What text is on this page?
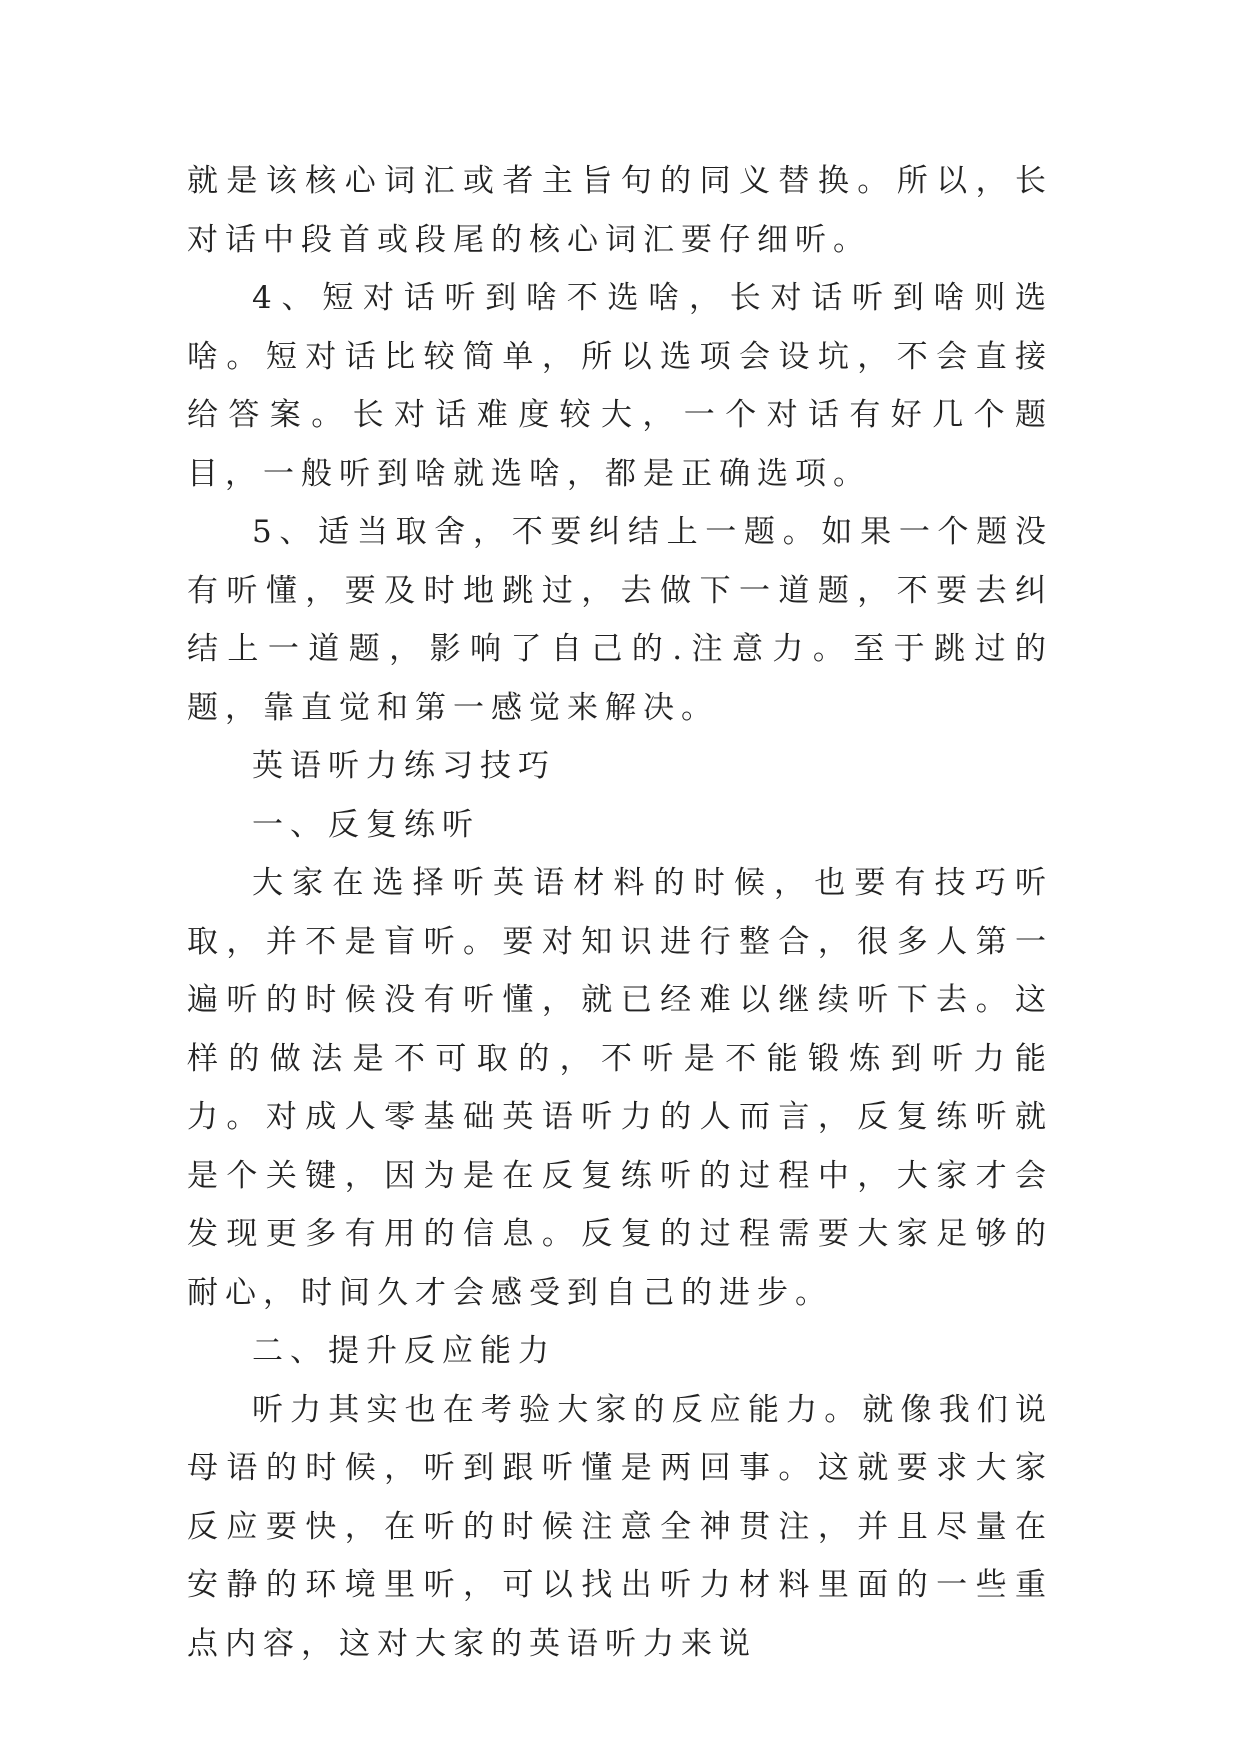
就是该核心词汇或者主旨句的同义替换。所以，长对话中段首或段尾的核心词汇要仔细听。

4、短对话听到啥不选啥，长对话听到啥则选啥。短对话比较简单，所以选项会设坑，不会直接给答案。长对话难度较大，一个对话有好几个题目，一般听到啥就选啥，都是正确选项。

5、适当取舍，不要纠结上一题。如果一个题没有听懂，要及时地跳过，去做下一道题，不要去纠结上一道题，影响了自己的.注意力。至于跳过的题，靠直觉和第一感觉来解决。

英语听力练习技巧

一、反复练听

大家在选择听英语材料的时候，也要有技巧听取，并不是盲听。要对知识进行整合，很多人第一遍听的时候没有听懂，就已经难以继续听下去。这样的做法是不可取的，不听是不能锻炼到听力能力。对成人零基础英语听力的人而言，反复练听就是个关键，因为是在反复练听的过程中，大家才会发现更多有用的信息。反复的过程需要大家足够的耐心，时间久才会感受到自己的进步。

二、提升反应能力

听力其实也在考验大家的反应能力。就像我们说母语的时候，听到跟听懂是两回事。这就要求大家反应要快，在听的时候注意全神贯注，并且尽量在安静的环境里听，可以找出听力材料里面的一些重点内容，这对大家的英语听力来说
